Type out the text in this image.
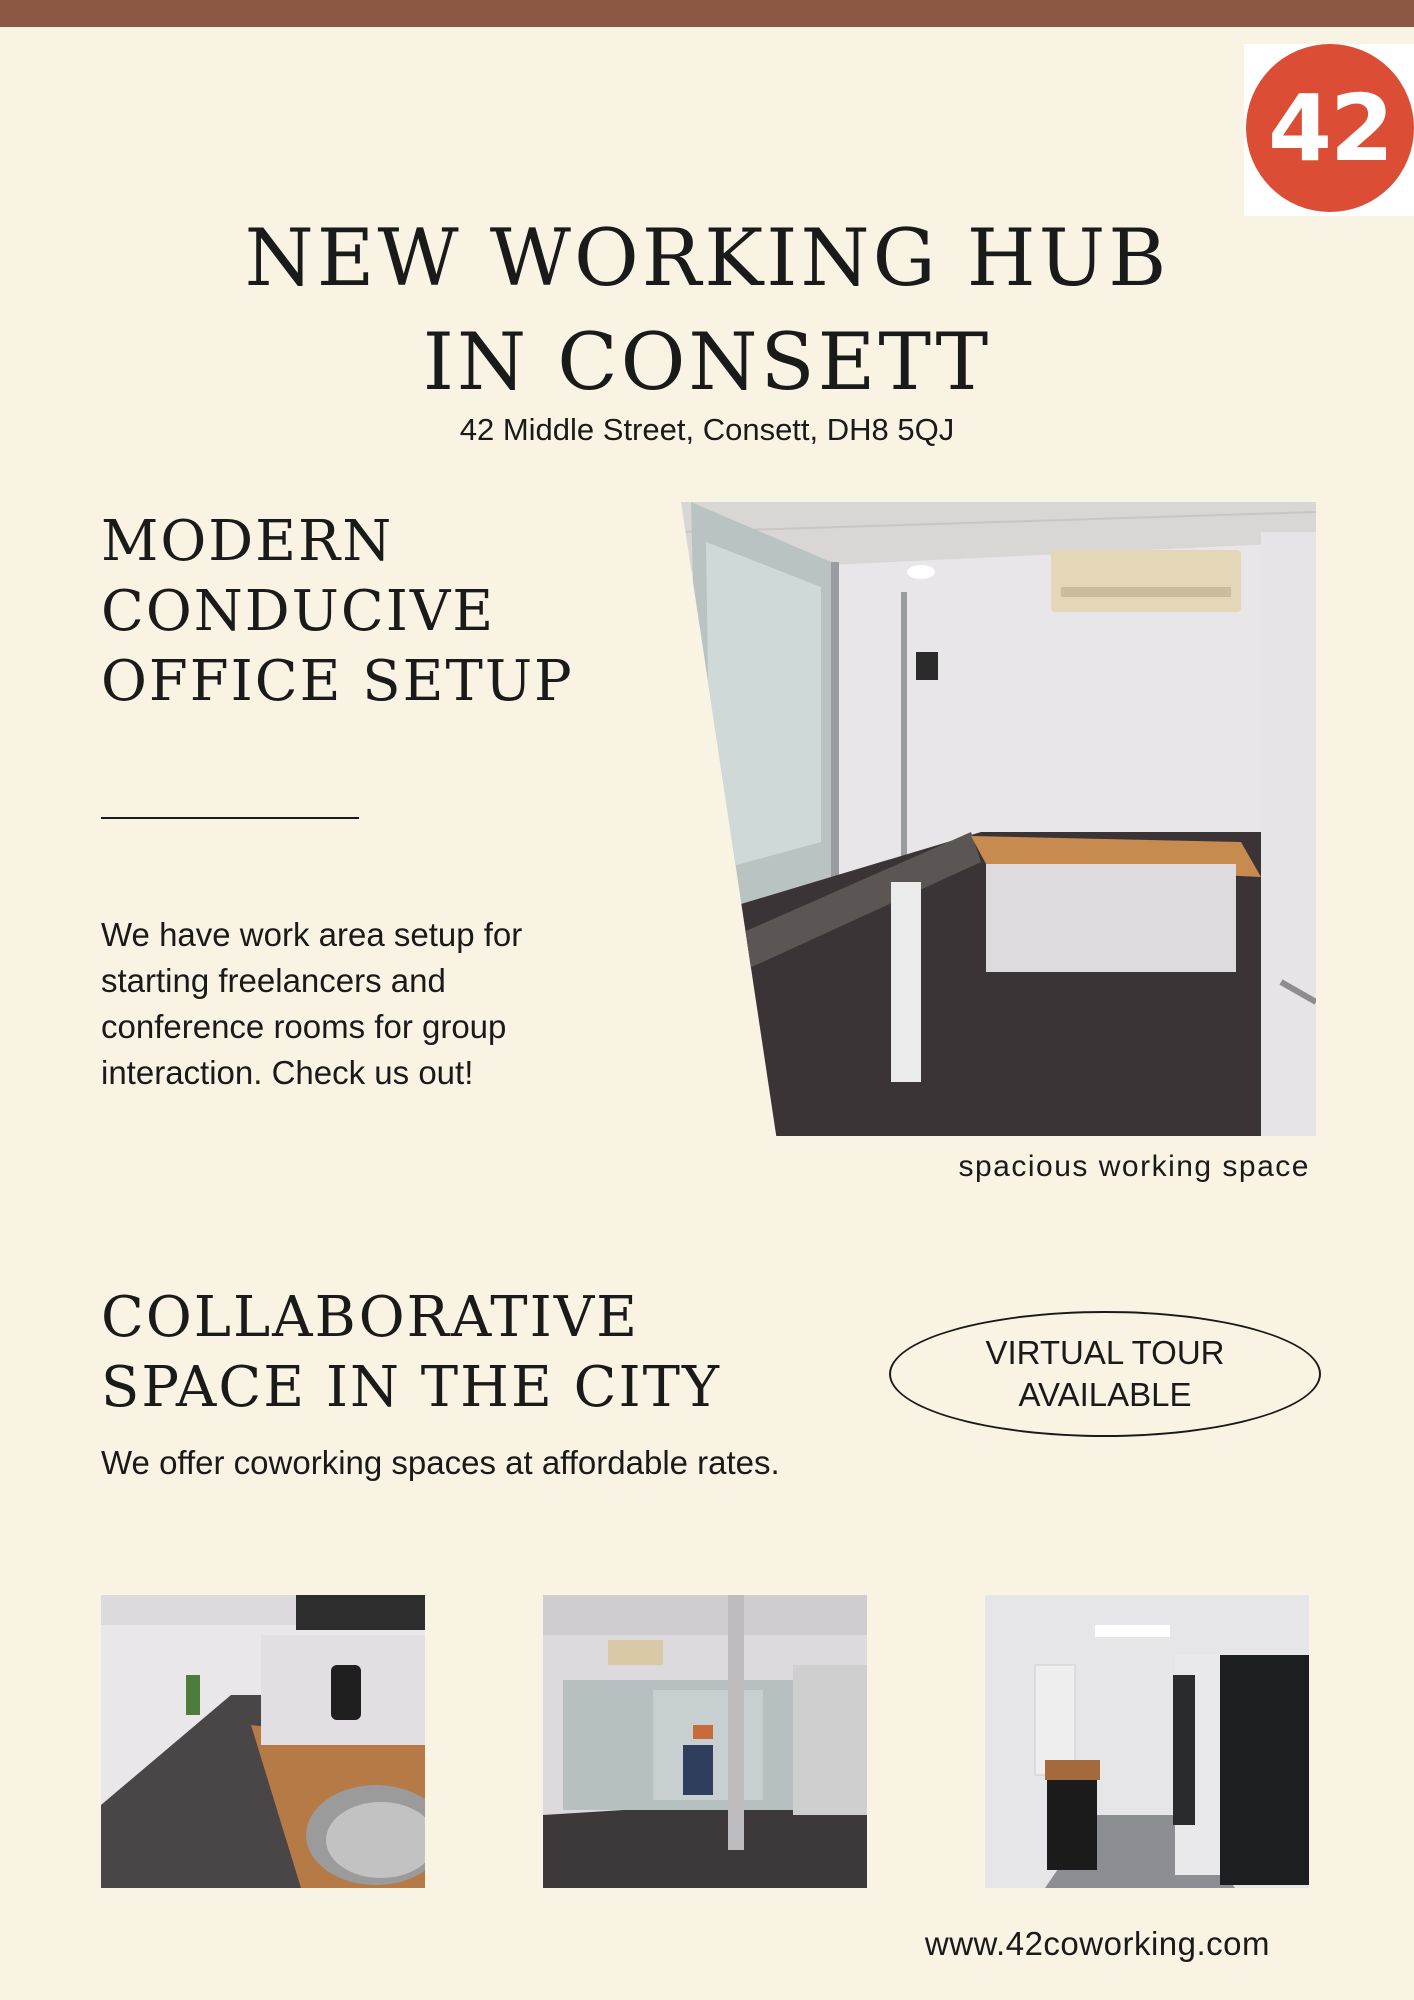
42
NEW WORKING HUB
IN CONSETT
42 Middle Street, Consett, DH8 5QJ
MODERN
CONDUCIVE
OFFICE SETUP

We have work area setup for
starting freelancers and
conference rooms for group
interaction. Check us out!

spacious working space
COLLABORATIVE
SPACE IN THE CITY
VIRTUAL TOUR
AVAILABLE

We offer coworking spaces at affordable rates.

www.42coworking.com
